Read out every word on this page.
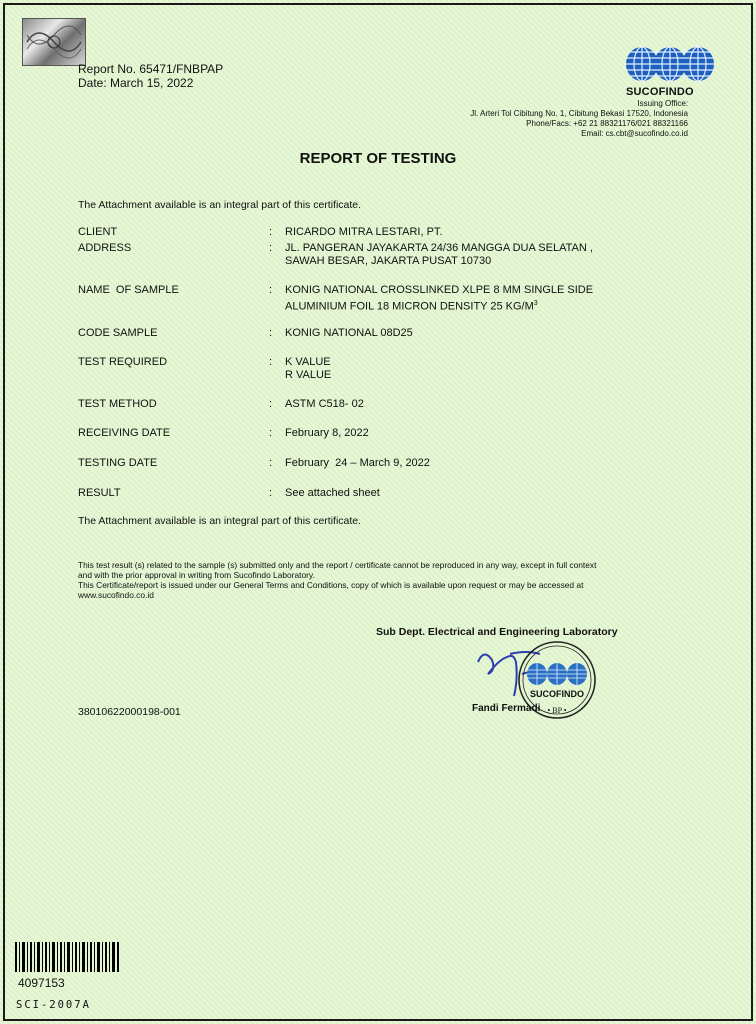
Report No. 65471/FNBPAP
Date: March 15, 2022
SUCOFINDO
Issuing Office:
Jl. Arteri Tol Cibitung No. 1, Cibitung Bekasi 17520, Indonesia
Phone/Facs: +62 21 88321176/021 88321166
Email: cs.cbt@sucofindo.co.id
REPORT OF TESTING
The Attachment available is an integral part of this certificate.
CLIENT	: RICARDO MITRA LESTARI, PT.
ADDRESS	: JL. PANGERAN JAYAKARTA 24/36 MANGGA DUA SELATAN ,
SAWAH BESAR, JAKARTA PUSAT 10730
NAME  OF SAMPLE	: KONIG NATIONAL CROSSLINKED XLPE 8 MM SINGLE SIDE
ALUMINIUM FOIL 18 MICRON DENSITY 25 $KG/M^3$
CODE SAMPLE	: KONIG NATIONAL 08D25
TEST REQUIRED	: K VALUE
R VALUE
TEST METHOD	: ASTM C518- 02
RECEIVING DATE	: February 8, 2022
TESTING DATE	: February  24 – March 9, 2022
RESULT	: See attached sheet
The Attachment available is an integral part of this certificate.
This test result (s) related to the sample (s) submitted only and the report / certificate cannot be reproduced in any way, except in full context
and with the prior approval in writing from Sucofindo Laboratory.
This Certificate/report is issued under our General Terms and Conditions, copy of which is available upon request or may be accessed at
www.sucofindo.co.id
Sub Dept. Electrical and Engineering Laboratory
SUCOFINDO
• BP •
Fandi Fermadi
38010622000198-001
4097153
SCI-2007A
